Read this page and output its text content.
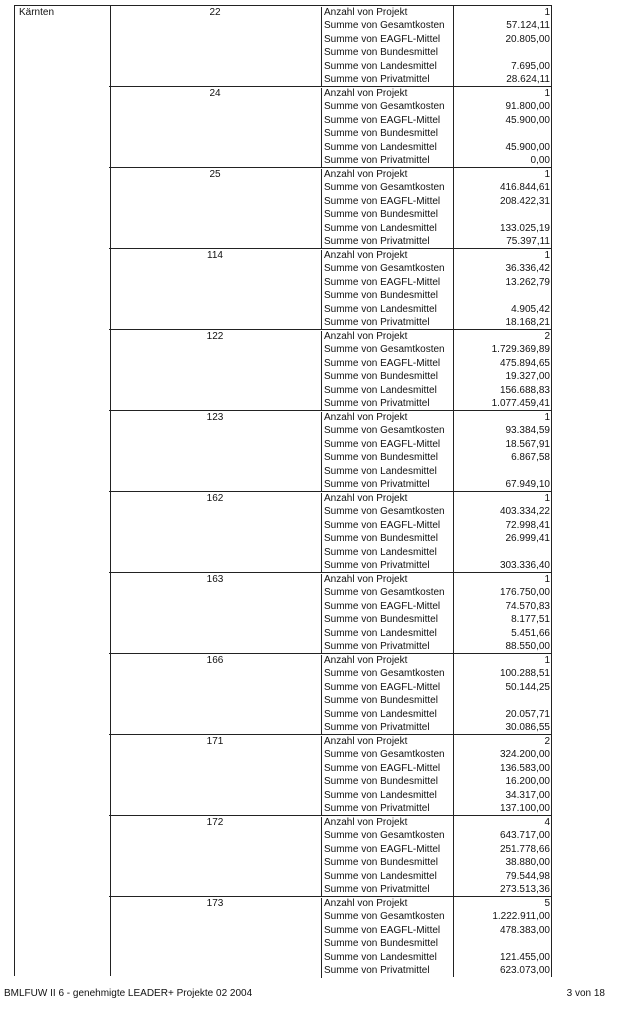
Kärnten	22	Anzahl von Projekt	1
Summe von Gesamtkosten	57.124,11
Summe von EAGFL-Mittel	20.805,00
Summe von Bundesmittel
Summe von Landesmittel	7.695,00
Summe von Privatmittel	28.624,11
24	Anzahl von Projekt	1
Summe von Gesamtkosten	91.800,00
Summe von EAGFL-Mittel	45.900,00
Summe von Bundesmittel
Summe von Landesmittel	45.900,00
Summe von Privatmittel	0,00
25	Anzahl von Projekt	1
Summe von Gesamtkosten	416.844,61
Summe von EAGFL-Mittel	208.422,31
Summe von Bundesmittel
Summe von Landesmittel	133.025,19
Summe von Privatmittel	75.397,11
114	Anzahl von Projekt	1
Summe von Gesamtkosten	36.336,42
Summe von EAGFL-Mittel	13.262,79
Summe von Bundesmittel
Summe von Landesmittel	4.905,42
Summe von Privatmittel	18.168,21
122	Anzahl von Projekt	2
Summe von Gesamtkosten	1.729.369,89
Summe von EAGFL-Mittel	475.894,65
Summe von Bundesmittel	19.327,00
Summe von Landesmittel	156.688,83
Summe von Privatmittel	1.077.459,41
123	Anzahl von Projekt	1
Summe von Gesamtkosten	93.384,59
Summe von EAGFL-Mittel	18.567,91
Summe von Bundesmittel	6.867,58
Summe von Landesmittel
Summe von Privatmittel	67.949,10
162	Anzahl von Projekt	1
Summe von Gesamtkosten	403.334,22
Summe von EAGFL-Mittel	72.998,41
Summe von Bundesmittel	26.999,41
Summe von Landesmittel
Summe von Privatmittel	303.336,40
163	Anzahl von Projekt	1
Summe von Gesamtkosten	176.750,00
Summe von EAGFL-Mittel	74.570,83
Summe von Bundesmittel	8.177,51
Summe von Landesmittel	5.451,66
Summe von Privatmittel	88.550,00
166	Anzahl von Projekt	1
Summe von Gesamtkosten	100.288,51
Summe von EAGFL-Mittel	50.144,25
Summe von Bundesmittel
Summe von Landesmittel	20.057,71
Summe von Privatmittel	30.086,55
171	Anzahl von Projekt	2
Summe von Gesamtkosten	324.200,00
Summe von EAGFL-Mittel	136.583,00
Summe von Bundesmittel	16.200,00
Summe von Landesmittel	34.317,00
Summe von Privatmittel	137.100,00
172	Anzahl von Projekt	4
Summe von Gesamtkosten	643.717,00
Summe von EAGFL-Mittel	251.778,66
Summe von Bundesmittel	38.880,00
Summe von Landesmittel	79.544,98
Summe von Privatmittel	273.513,36
173	Anzahl von Projekt	5
Summe von Gesamtkosten	1.222.911,00
Summe von EAGFL-Mittel	478.383,00
Summe von Bundesmittel
Summe von Landesmittel	121.455,00
Summe von Privatmittel	623.073,00
BMLFUW II 6 - genehmigte LEADER+ Projekte 02 2004	3 von 18
